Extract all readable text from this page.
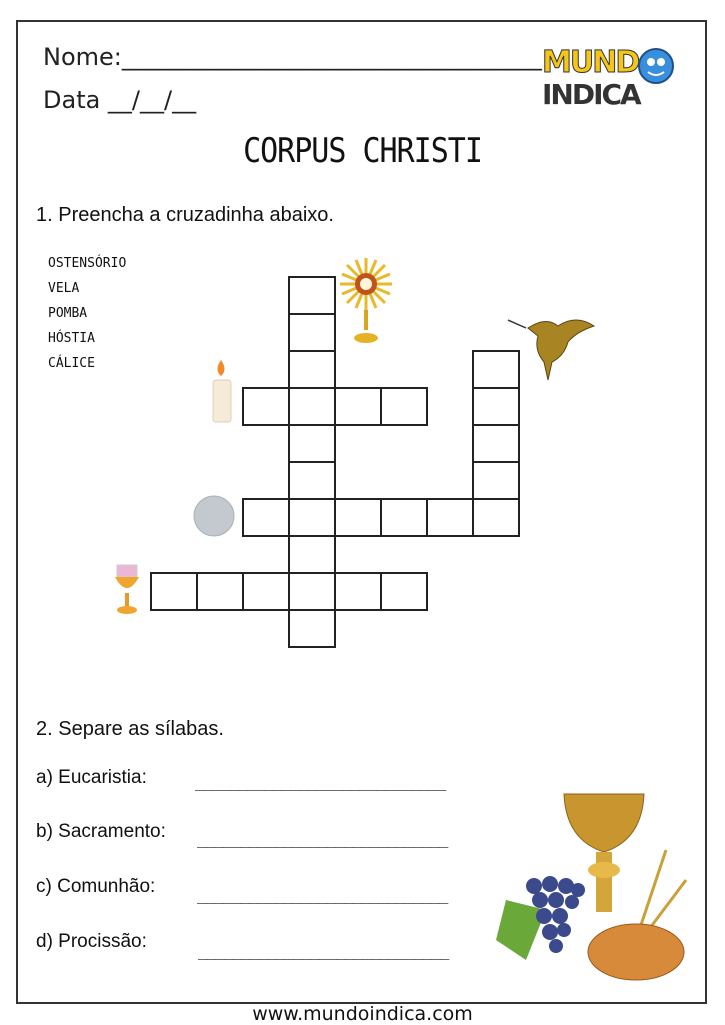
Nome:___________________________________
Data __/__/__
MUND
INDICA
CORPUS CHRISTI
1. Preencha a cruzadinha abaixo.
OSTENSÓRIO
VELA
POMBA
HÓSTIA
CÁLICE
2. Separe as sílabas.
a) Eucaristia:	_____________________________
b) Sacramento: _____________________________
c) Comunhão:	_____________________________
d) Procissão:	_____________________________
www.mundoindica.com
